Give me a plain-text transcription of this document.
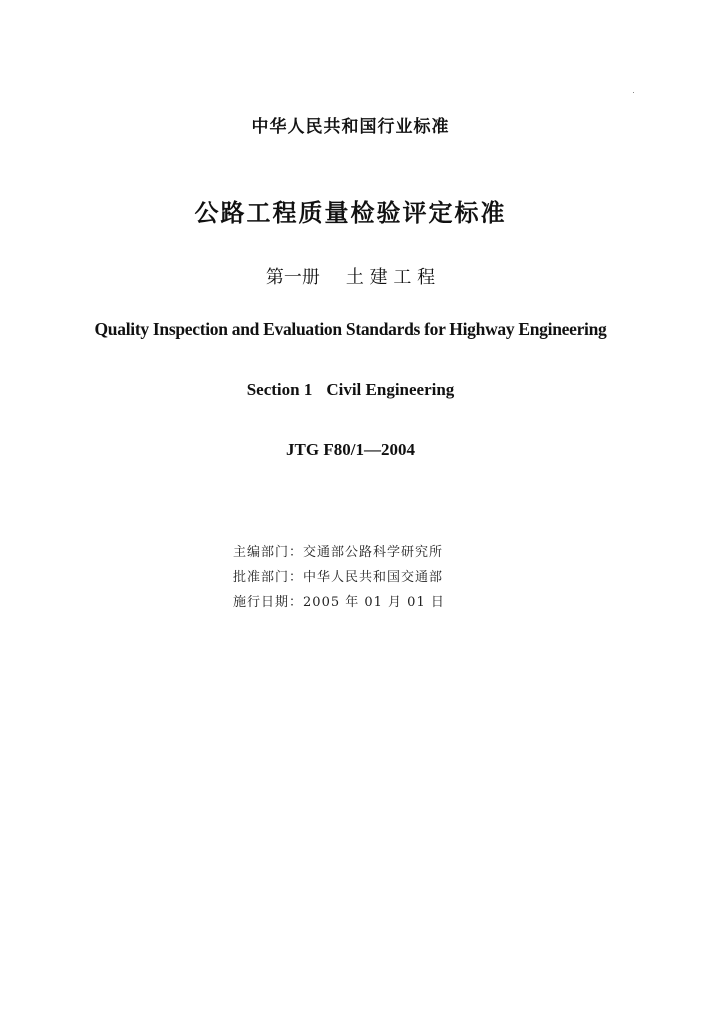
中华人民共和国行业标准
公路工程质量检验评定标准
第一册 土 建 工 程
Quality Inspection and Evaluation Standards for Highway Engineering
Section 1 Civil Engineering
JTG F80/1—2004
主编部门：交通部公路科学研究所
批准部门：中华人民共和国交通部
施行日期：2005 年 01 月 01 日
